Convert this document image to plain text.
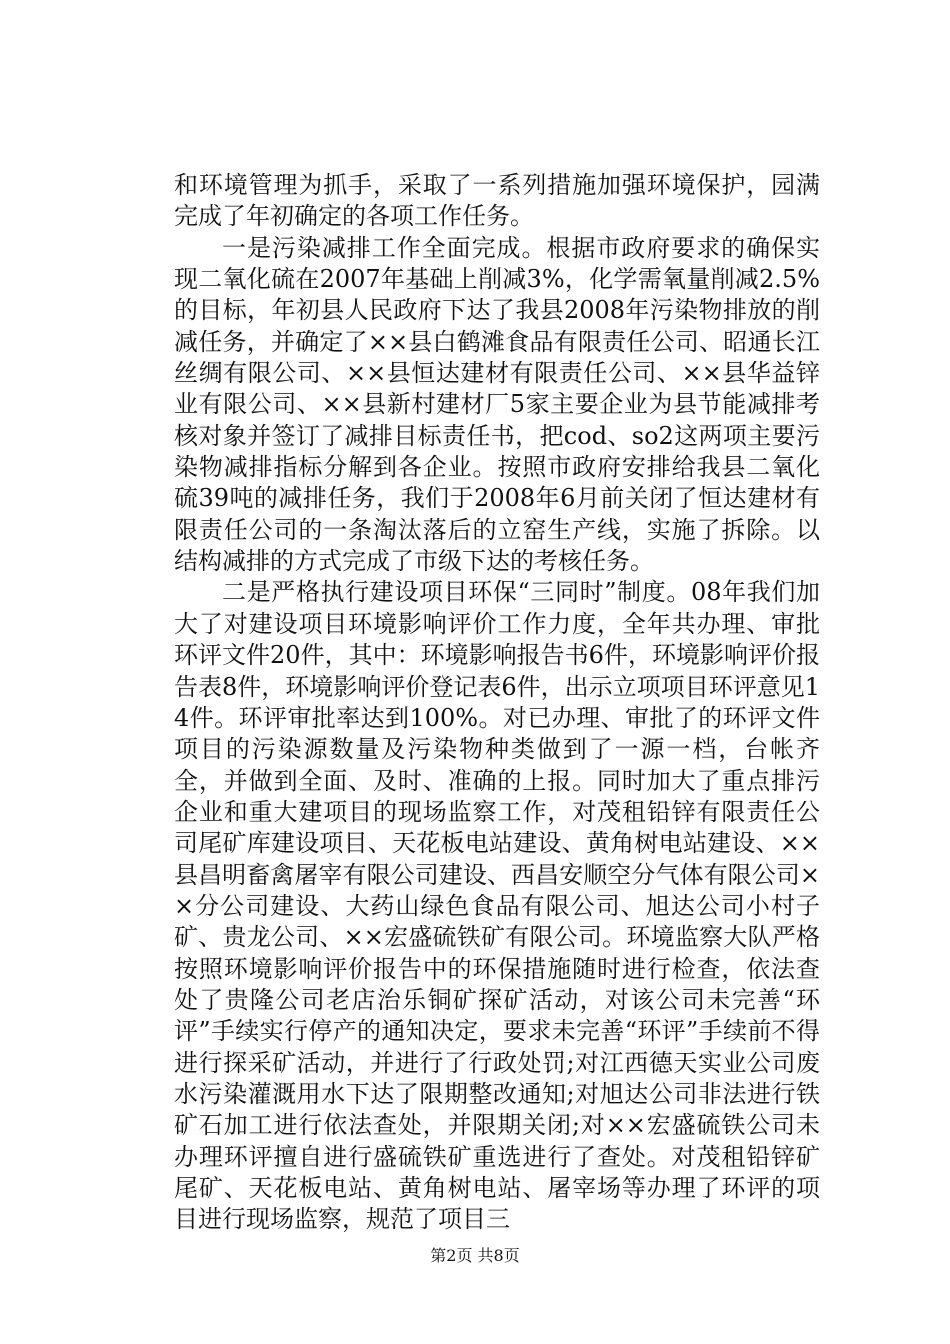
和环境管理为抓手，采取了一系列措施加强环境保护，园满完成了年初确定的各项工作任务。

一是污染减排工作全面完成。根据市政府要求的确保实现二氧化硫在2007年基础上削减3%，化学需氧量削减2.5%的目标，年初县人民政府下达了我县2008年污染物排放的削减任务，并确定了××县白鹤滩食品有限责任公司、昭通长江丝绸有限公司、××县恒达建材有限责任公司、××县华益锌业有限公司、××县新村建材厂5家主要企业为县节能减排考核对象并签订了减排目标责任书，把cod、so2这两项主要污染物减排指标分解到各企业。按照市政府安排给我县二氧化硫39吨的减排任务，我们于2008年6月前关闭了恒达建材有限责任公司的一条淘汰落后的立窑生产线，实施了拆除。以结构减排的方式完成了市级下达的考核任务。

二是严格执行建设项目环保“三同时”制度。08年我们加大了对建设项目环境影响评价工作力度，全年共办理、审批环评文件20件，其中：环境影响报告书6件，环境影响评价报告表8件，环境影响评价登记表6件，出示立项项目环评意见14件。环评审批率达到100%。对已办理、审批了的环评文件项目的污染源数量及污染物种类做到了一源一档，台帐齐全，并做到全面、及时、准确的上报。同时加大了重点排污企业和重大建项目的现场监察工作，对茂租铅锌有限责任公司尾矿库建设项目、天花板电站建设、黄角树电站建设、××县昌明畜禽屠宰有限公司建设、西昌安顺空分气体有限公司××分公司建设、大药山绿色食品有限公司、旭达公司小村子矿、贵龙公司、××宏盛硫铁矿有限公司。环境监察大队严格按照环境影响评价报告中的环保措施随时进行检查，依法查处了贵隆公司老店治乐铜矿探矿活动，对该公司未完善“环评”手续实行停产的通知决定，要求未完善“环评”手续前不得进行探采矿活动，并进行了行政处罚;对江西德天实业公司废水污染灌溉用水下达了限期整改通知;对旭达公司非法进行铁矿石加工进行依法查处，并限期关闭;对××宏盛硫铁公司未办理环评擅自进行盛硫铁矿重选进行了查处。对茂租铅锌矿尾矿、天花板电站、黄角树电站、屠宰场等办理了环评的项目进行现场监察，规范了项目三

第2页 共8页
